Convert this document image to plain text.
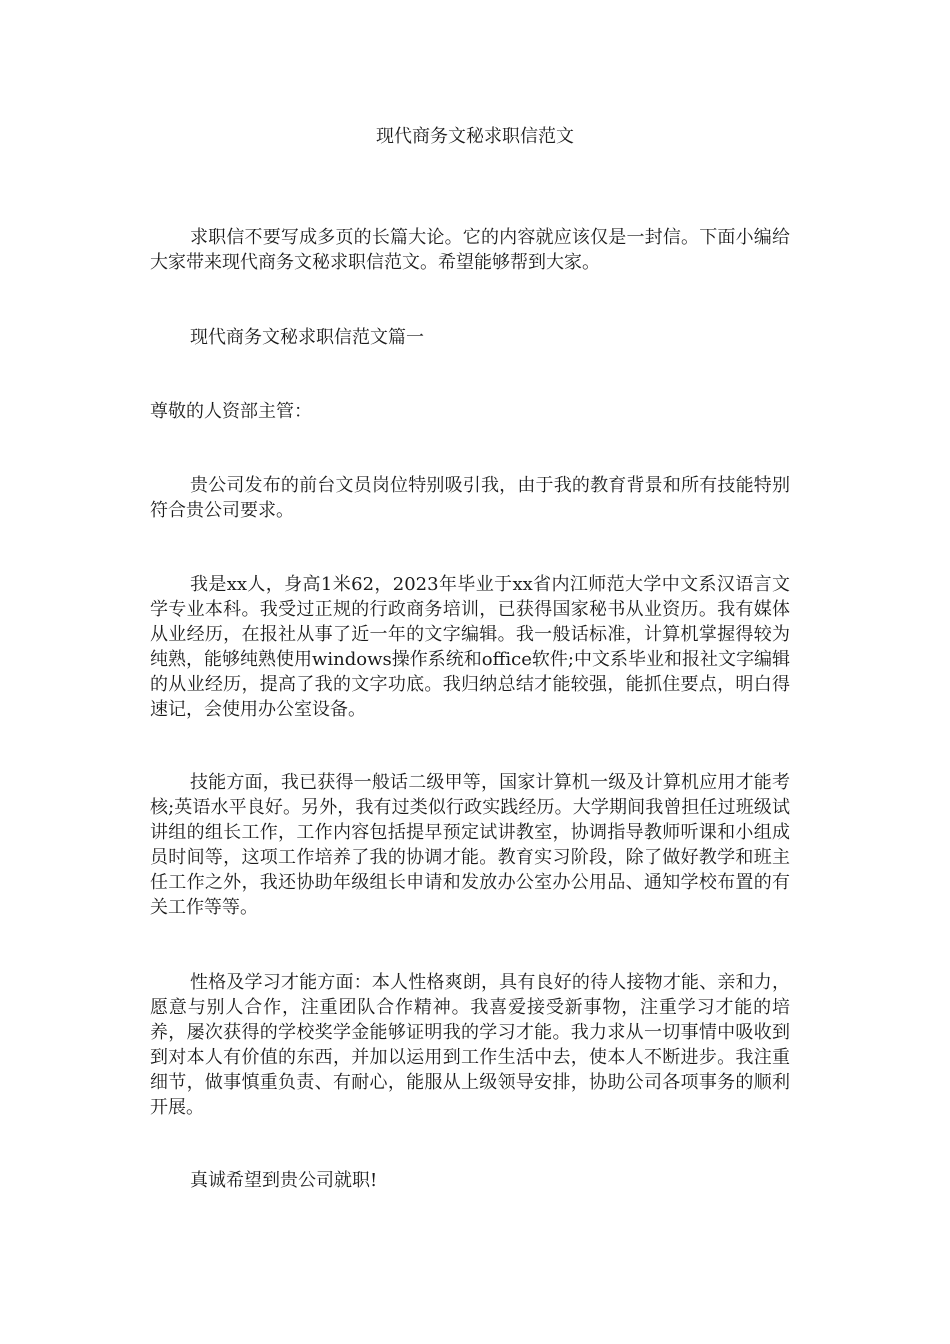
现代商务文秘求职信范文

求职信不要写成多页的长篇大论。它的内容就应该仅是一封信。下面小编给大家带来现代商务文秘求职信范文。希望能够帮到大家。

现代商务文秘求职信范文篇一

尊敬的人资部主管：

贵公司发布的前台文员岗位特别吸引我，由于我的教育背景和所有技能特别符合贵公司要求。

我是xx人，身高1米62，2023年毕业于xx省内江师范大学中文系汉语言文学专业本科。我受过正规的行政商务培训，已获得国家秘书从业资历。我有媒体从业经历，在报社从事了近一年的文字编辑。我一般话标准，计算机掌握得较为纯熟，能够纯熟使用windows操作系统和office软件;中文系毕业和报社文字编辑的从业经历，提高了我的文字功底。我归纳总结才能较强，能抓住要点，明白得速记，会使用办公室设备。

技能方面，我已获得一般话二级甲等，国家计算机一级及计算机应用才能考核;英语水平良好。另外，我有过类似行政实践经历。大学期间我曾担任过班级试讲组的组长工作，工作内容包括提早预定试讲教室，协调指导教师听课和小组成员时间等，这项工作培养了我的协调才能。教育实习阶段，除了做好教学和班主任工作之外，我还协助年级组长申请和发放办公室办公用品、通知学校布置的有关工作等等。

性格及学习才能方面：本人性格爽朗，具有良好的待人接物才能、亲和力，愿意与别人合作，注重团队合作精神。我喜爱接受新事物，注重学习才能的培养，屡次获得的学校奖学金能够证明我的学习才能。我力求从一切事情中吸收到到对本人有价值的东西，并加以运用到工作生活中去，使本人不断进步。我注重细节，做事慎重负责、有耐心，能服从上级领导安排，协助公司各项事务的顺利开展。

真诚希望到贵公司就职!
